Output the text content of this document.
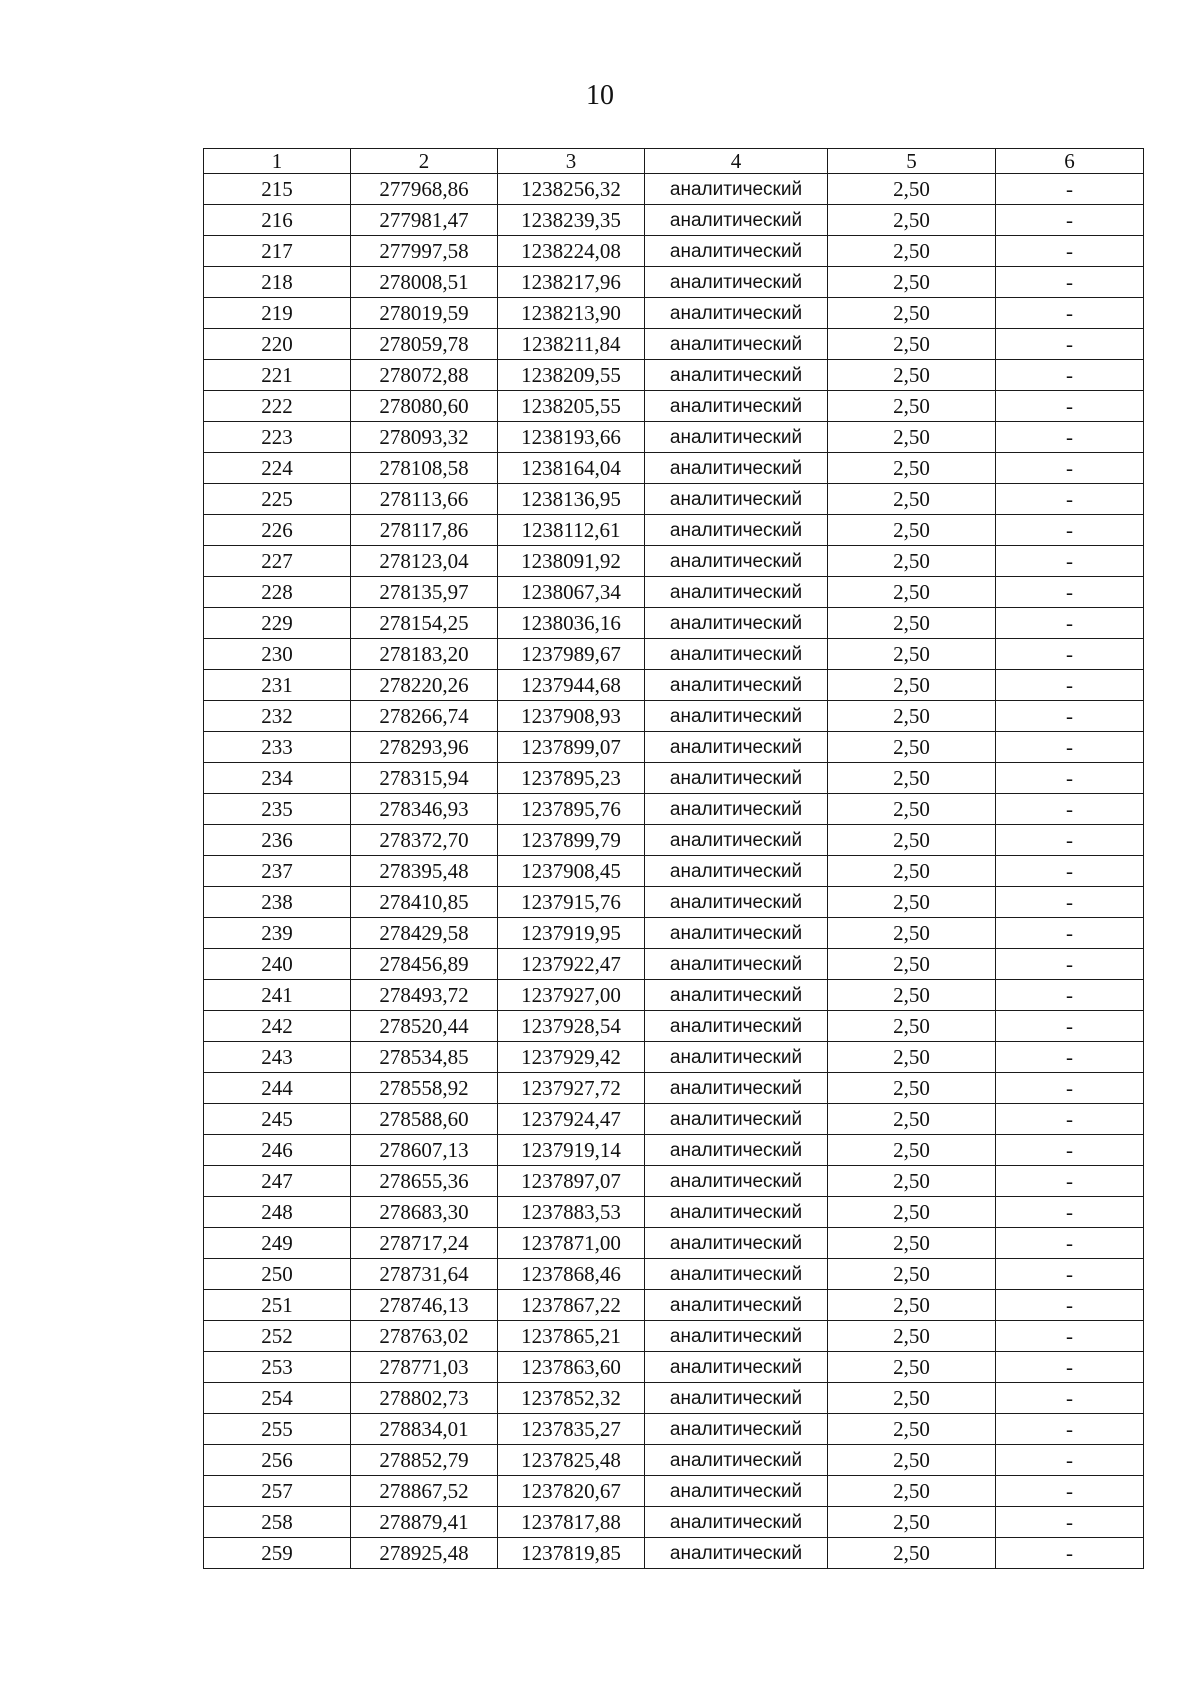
10
1	2	3	4	5	6
215	277968,86	1238256,32	аналитический	2,50	-
216	277981,47	1238239,35	аналитический	2,50	-
217	277997,58	1238224,08	аналитический	2,50	-
218	278008,51	1238217,96	аналитический	2,50	-
219	278019,59	1238213,90	аналитический	2,50	-
220	278059,78	1238211,84	аналитический	2,50	-
221	278072,88	1238209,55	аналитический	2,50	-
222	278080,60	1238205,55	аналитический	2,50	-
223	278093,32	1238193,66	аналитический	2,50	-
224	278108,58	1238164,04	аналитический	2,50	-
225	278113,66	1238136,95	аналитический	2,50	-
226	278117,86	1238112,61	аналитический	2,50	-
227	278123,04	1238091,92	аналитический	2,50	-
228	278135,97	1238067,34	аналитический	2,50	-
229	278154,25	1238036,16	аналитический	2,50	-
230	278183,20	1237989,67	аналитический	2,50	-
231	278220,26	1237944,68	аналитический	2,50	-
232	278266,74	1237908,93	аналитический	2,50	-
233	278293,96	1237899,07	аналитический	2,50	-
234	278315,94	1237895,23	аналитический	2,50	-
235	278346,93	1237895,76	аналитический	2,50	-
236	278372,70	1237899,79	аналитический	2,50	-
237	278395,48	1237908,45	аналитический	2,50	-
238	278410,85	1237915,76	аналитический	2,50	-
239	278429,58	1237919,95	аналитический	2,50	-
240	278456,89	1237922,47	аналитический	2,50	-
241	278493,72	1237927,00	аналитический	2,50	-
242	278520,44	1237928,54	аналитический	2,50	-
243	278534,85	1237929,42	аналитический	2,50	-
244	278558,92	1237927,72	аналитический	2,50	-
245	278588,60	1237924,47	аналитический	2,50	-
246	278607,13	1237919,14	аналитический	2,50	-
247	278655,36	1237897,07	аналитический	2,50	-
248	278683,30	1237883,53	аналитический	2,50	-
249	278717,24	1237871,00	аналитический	2,50	-
250	278731,64	1237868,46	аналитический	2,50	-
251	278746,13	1237867,22	аналитический	2,50	-
252	278763,02	1237865,21	аналитический	2,50	-
253	278771,03	1237863,60	аналитический	2,50	-
254	278802,73	1237852,32	аналитический	2,50	-
255	278834,01	1237835,27	аналитический	2,50	-
256	278852,79	1237825,48	аналитический	2,50	-
257	278867,52	1237820,67	аналитический	2,50	-
258	278879,41	1237817,88	аналитический	2,50	-
259	278925,48	1237819,85	аналитический	2,50	-
